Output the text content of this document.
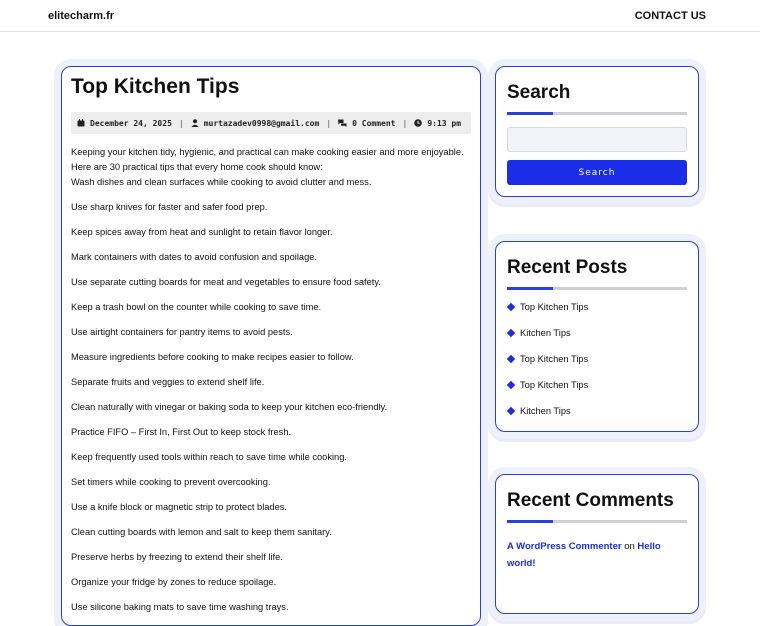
elitecharm.fr	CONTACT US
Top Kitchen Tips
December 24, 2025 |	murtazadev0998@gmail.com |	0 Comment |	9:13 pm

Keeping your kitchen tidy, hygienic, and practical can make cooking easier and more enjoyable. Here are 30 practical tips that every home cook should know:

Wash dishes and clean surfaces while cooking to avoid clutter and mess.

Use sharp knives for faster and safer food prep.

Keep spices away from heat and sunlight to retain flavor longer.

Mark containers with dates to avoid confusion and spoilage.

Use separate cutting boards for meat and vegetables to ensure food safety.

Keep a trash bowl on the counter while cooking to save time.

Use airtight containers for pantry items to avoid pests.

Measure ingredients before cooking to make recipes easier to follow.

Separate fruits and veggies to extend shelf life.

Clean naturally with vinegar or baking soda to keep your kitchen eco-friendly.

Practice FIFO – First In, First Out to keep stock fresh.

Keep frequently used tools within reach to save time while cooking.

Set timers while cooking to prevent overcooking.

Use a knife block or magnetic strip to protect blades.

Clean cutting boards with lemon and salt to keep them sanitary.

Preserve herbs by freezing to extend their shelf life.

Organize your fridge by zones to reduce spoilage.

Use silicone baking mats to save time washing trays.

Search
Search
Recent Posts
Top Kitchen Tips
Kitchen Tips
Top Kitchen Tips
Top Kitchen Tips
Kitchen Tips
Recent Comments

A WordPress Commenter on Hello world!
